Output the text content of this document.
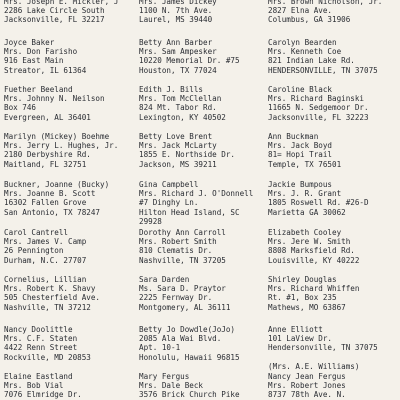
Mrs. Joseph E. Mickler, J
2286 Lake Circle South
Jacksonville, FL 32217
Mrs. James Dickey
1100 N. 7th Ave.
Laurel, MS 39440
Mrs. Brown Nicholson, Jr.
2827 Elna Ave.
Columbus, GA 31906
Joyce Baker
Mrs. Don Farisho
916 East Main
Streator, IL 61364
Betty Ann Barber
Mrs. Sam Ampesker
10220 Memorial Dr. #75
Houston, TX 77024
Carolyn Bearden
Mrs. Kenneth Coe
821 Indian Lake Rd.
HENDERSONVILLE, TN 37075
Fuether Beeland
Mrs. Johnny N. Neilson
Box 746
Evergreen, AL 36401
Edith J. Bills
Mrs. Tom McClellan
824 Mt. Tabor Rd.
Lexington, KY 40502
Caroline Black
Mrs. Richard Baginski
11665 N. Sedgemoor Dr.
Jacksonville, FL 32223
Marilyn (Mickey) Boehme
Mrs. Jerry L. Hughes, Jr.
2180 Derbyshire Rd.
Maitland, FL 32751
Betty Love Brent
Mrs. Jack McLarty
1855 E. Northside Dr.
Jackson, MS 39211
Ann Buckman
Mrs. Jack Boyd
81= Hopi Trail
Temple, TX 76501
Buckner, Joanne (Bucky)
Mrs. Joanne B. Scott
16302 Fallen Grove
San Antonio, TX 78247
Gina Campbell
Mrs. Richard J. O'Donnell
#7 Dinghy Ln.
Hilton Head Island, SC
29928
Jackie Bumpous
Mrs. J. R. Grant
1805 Roswell Rd. #26-D
Marietta GA 30062
Carol Cantrell
Mrs. James V. Camp
26 Pennington
Durham, N.C. 27707
Dorothy Ann Carroll
Mrs. Robert Smith
810 Clematis Dr.
Nashville, TN 37205
Elizabeth Cooley
Mrs. Jere W. Smith
8808 Marksfield Rd.
Louisville, KY 40222
Cornelius, Lillian
Mrs. Robert K. Shavy
505 Chesterfield Ave.
Nashville, TN 37212
Sara Darden
Ms. Sara D. Praytor
2225 Fernway Dr.
Montgomery, AL 36111
Shirley Douglas
Mrs. Richard Whiffen
Rt. #1, Box 235
Mathews, MO 63867
Nancy Doolittle
Mrs. C.F. Staten
4422 Renn Street
Rockville, MD 20853
Betty Jo Dowdle(JoJo)
2085 Ala Wai Blvd.
Apt. 10-1
Honolulu, Hawaii 96815
Anne Elliott
101 LaView Dr.
Hendersonville, TN 37075
(Mrs. A.E. Williams)
Elaine Eastland
Mrs. Bob Vial
7076 Elmridge Dr.
Mary Fergus
Mrs. Dale Beck
3576 Brick Church Pike
Nancy Jean Fergus
Mrs. Robert Jones
8737 78th Ave. N.
